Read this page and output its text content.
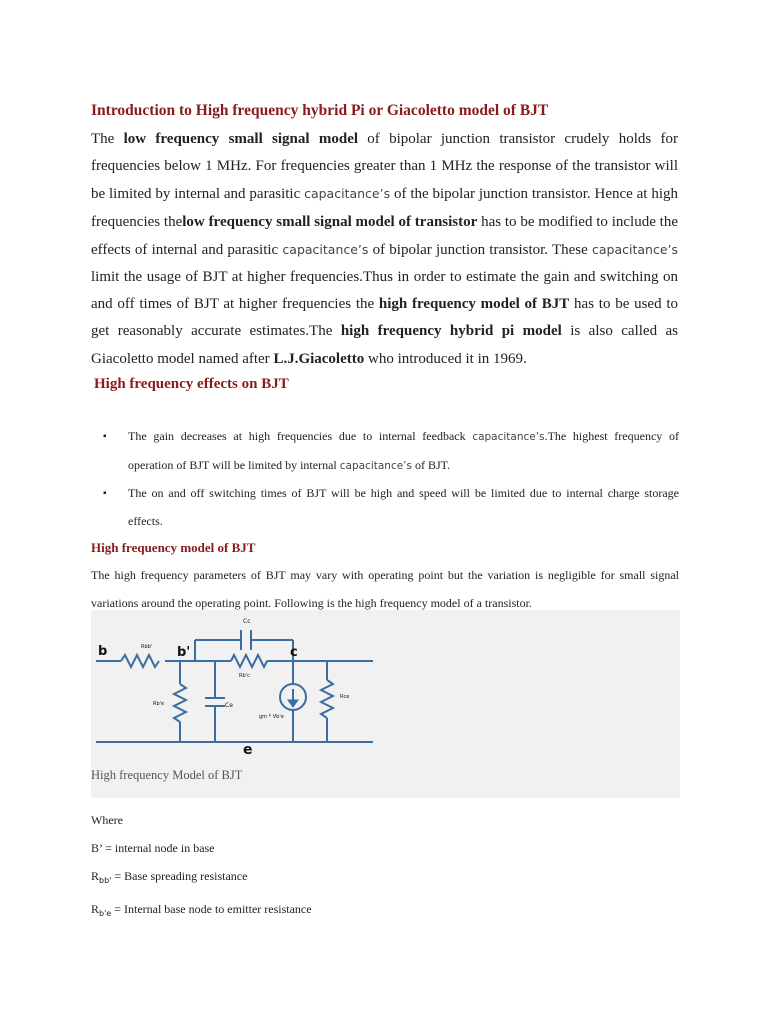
Introduction to High frequency hybrid Pi or Giacoletto model of BJT

The low frequency small signal model of bipolar junction transistor crudely holds for frequencies below 1 MHz. For frequencies greater than 1 MHz the response of the transistor will be limited by internal and parasitic capacitance’s of the bipolar junction transistor. Hence at high frequencies thelow frequency small signal model of transistor has to be modified to include the effects of internal and parasitic capacitance’s of bipolar junction transistor. These capacitance’s limit the usage of BJT at higher frequencies.Thus in order to estimate the gain and switching on and off times of BJT at higher frequencies the high frequency model of BJT has to be used to get reasonably accurate estimates.The high frequency hybrid pi model is also called as Giacoletto model named after L.J.Giacoletto who introduced it in 1969.

High frequency effects on BJT
▪ The gain decreases at high frequencies due to internal feedback capacitance’s.The highest frequency of operation of BJT will be limited by internal capacitance’s of BJT.
▪ The on and off switching times of BJT will be high and speed will be limited due to internal charge storage effects.
High frequency model of BJT

The high frequency parameters of BJT may vary with operating point but the variation is negligible for small signal variations around the operating point. Following is the high frequency model of a transistor.

b	b'	c
e
Cc
Rbb'
Rb'c
Rb'e	Ce
gm * Vb'e
Rce

High frequency Model of BJT

Where
B’ = internal node in base
$R_{bb'}$ = Base spreading resistance
$R_{b'e}$ = Internal base node to emitter resistance
